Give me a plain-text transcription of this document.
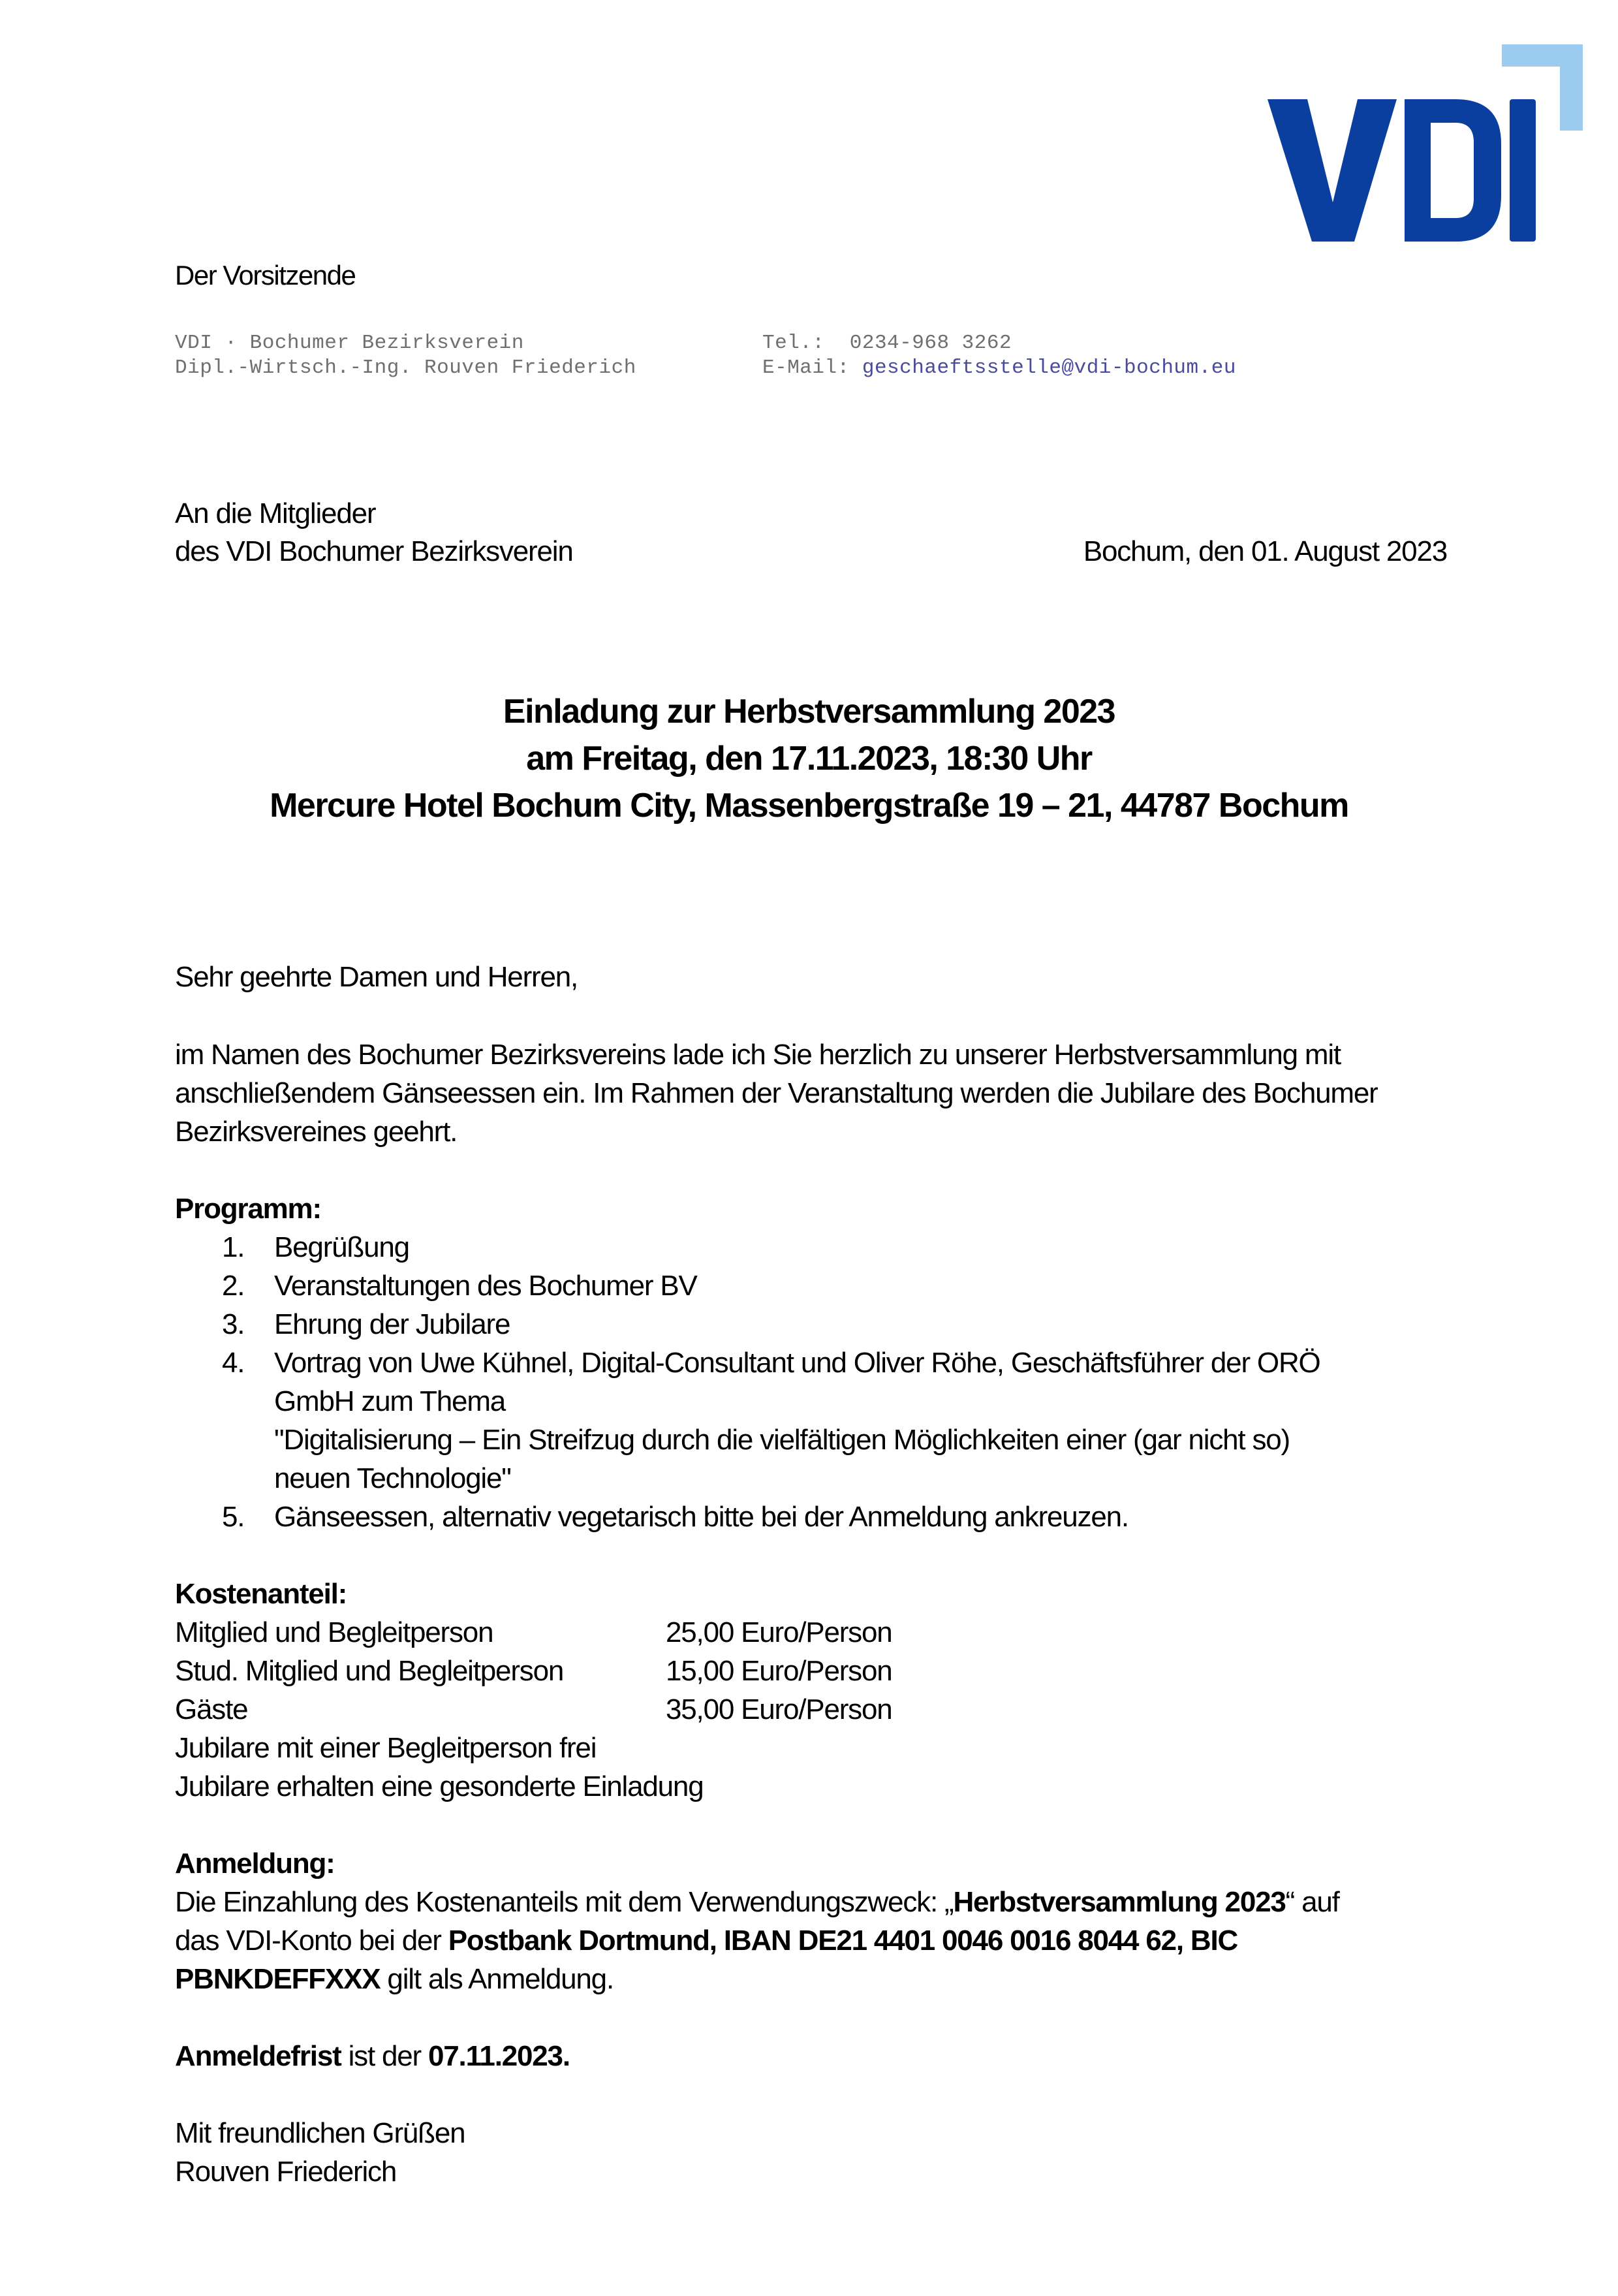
Der Vorsitzende
VDI · Bochumer Bezirksverein
Dipl.-Wirtsch.-Ing. Rouven Friederich
Tel.: 0234-968 3262
E-Mail: geschaeftsstelle@vdi-bochum.eu
An die Mitglieder
des VDI Bochumer Bezirksverein	Bochum, den 01. August 2023
Einladung zur Herbstversammlung 2023
am Freitag, den 17.11.2023, 18:30 Uhr
Mercure Hotel Bochum City, Massenbergstraße 19 – 21, 44787 Bochum
Sehr geehrte Damen und Herren,
im Namen des Bochumer Bezirksvereins lade ich Sie herzlich zu unserer Herbstversammlung mit
anschließendem Gänseessen ein. Im Rahmen der Veranstaltung werden die Jubilare des Bochumer
Bezirksvereines geehrt.
Programm:
1.	Begrüßung
2.	Veranstaltungen des Bochumer BV
3.	Ehrung der Jubilare
4.	Vortrag von Uwe Kühnel, Digital-Consultant und Oliver Röhe, Geschäftsführer der ORÖ
GmbH zum Thema
"Digitalisierung – Ein Streifzug durch die vielfältigen Möglichkeiten einer (gar nicht so)
neuen Technologie"
5.	Gänseessen, alternativ vegetarisch bitte bei der Anmeldung ankreuzen.
Kostenanteil:
Mitglied und Begleitperson	25,00 Euro/Person
Stud. Mitglied und Begleitperson	15,00 Euro/Person
Gäste	35,00 Euro/Person
Jubilare mit einer Begleitperson frei
Jubilare erhalten eine gesonderte Einladung
Anmeldung:
Die Einzahlung des Kostenanteils mit dem Verwendungszweck: „Herbstversammlung 2023“ auf
das VDI-Konto bei der Postbank Dortmund, IBAN DE21 4401 0046 0016 8044 62, BIC
PBNKDEFFXXX gilt als Anmeldung.
Anmeldefrist ist der 07.11.2023.
Mit freundlichen Grüßen
Rouven Friederich
